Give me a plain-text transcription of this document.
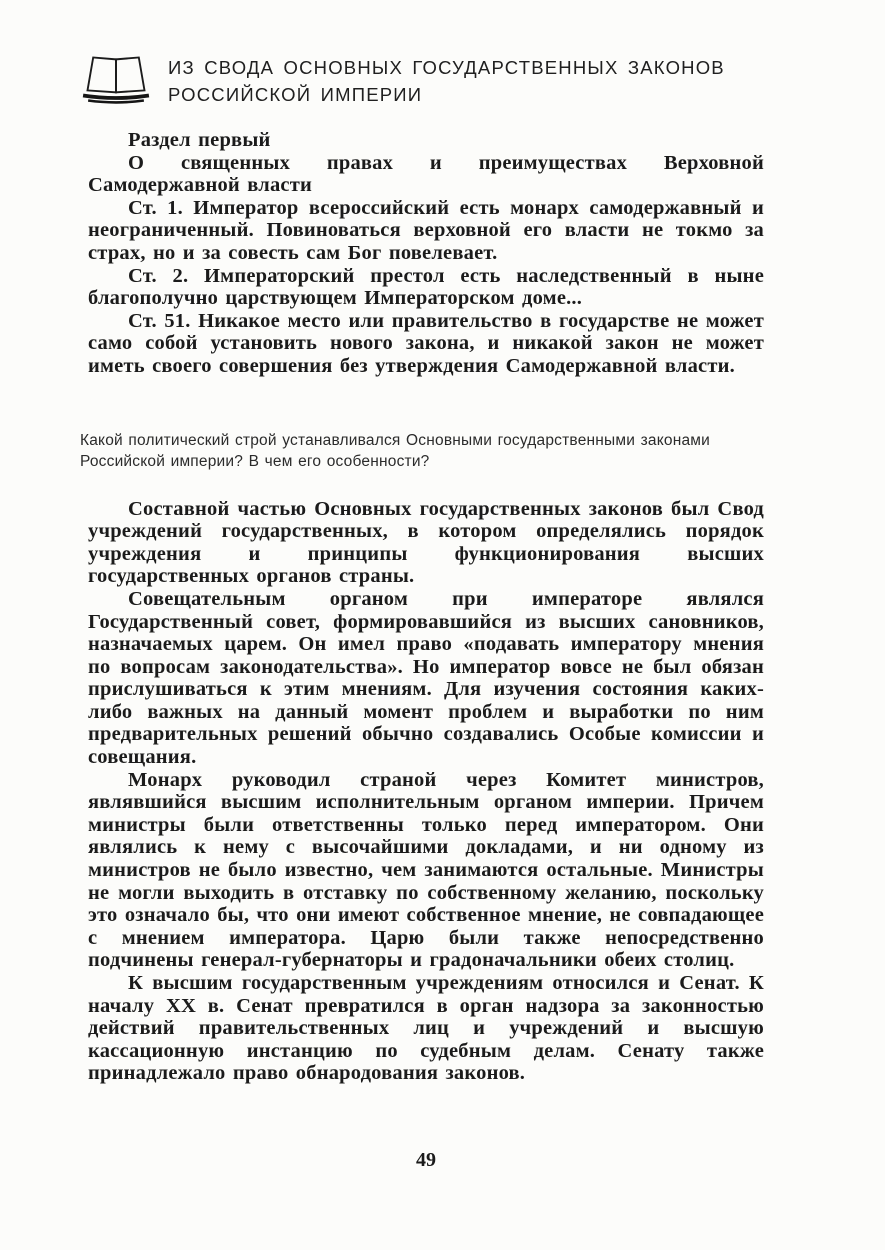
ИЗ СВОДА ОСНОВНЫХ ГОСУДАРСТВЕННЫХ ЗАКОНОВ
РОССИЙСКОЙ ИМПЕРИИ

Раздел первый

О священных правах и преимуществах Верховной Самодержавной власти

Ст. 1. Император всероссийский есть монарх самодержавный и неограниченный. Повиноваться верховной его власти не токмо за страх, но и за совесть сам Бог повелевает.

Ст. 2. Императорский престол есть наследственный в ныне благополучно царствующем Императорском доме...

Ст. 51. Никакое место или правительство в государстве не может само собой установить нового закона, и никакой закон не может иметь своего совершения без утверждения Самодержавной власти.

Какой политический строй устанавливался Основными государственными законами Российской империи? В чем его особенности?

Составной частью Основных государственных законов был Свод учреждений государственных, в котором определялись порядок учреждения и принципы функционирования высших государственных органов страны.

Совещательным органом при императоре являлся Государственный совет, формировавшийся из высших сановников, назначаемых царем. Он имел право «подавать императору мнения по вопросам законодательства». Но император вовсе не был обязан прислушиваться к этим мнениям. Для изучения состояния каких-либо важных на данный момент проблем и выработки по ним предварительных решений обычно создавались Особые комиссии и совещания.

Монарх руководил страной через Комитет министров, являвшийся высшим исполнительным органом империи. Причем министры были ответственны только перед императором. Они являлись к нему с высочайшими докладами, и ни одному из министров не было известно, чем занимаются остальные. Министры не могли выходить в отставку по собственному желанию, поскольку это означало бы, что они имеют собственное мнение, не совпадающее с мнением императора. Царю были также непосредственно подчинены генерал-губернаторы и градоначальники обеих столиц.

К высшим государственным учреждениям относился и Сенат. К началу XX в. Сенат превратился в орган надзора за законностью действий правительственных лиц и учреждений и высшую кассационную инстанцию по судебным делам. Сенату также принадлежало право обнародования законов.

49
